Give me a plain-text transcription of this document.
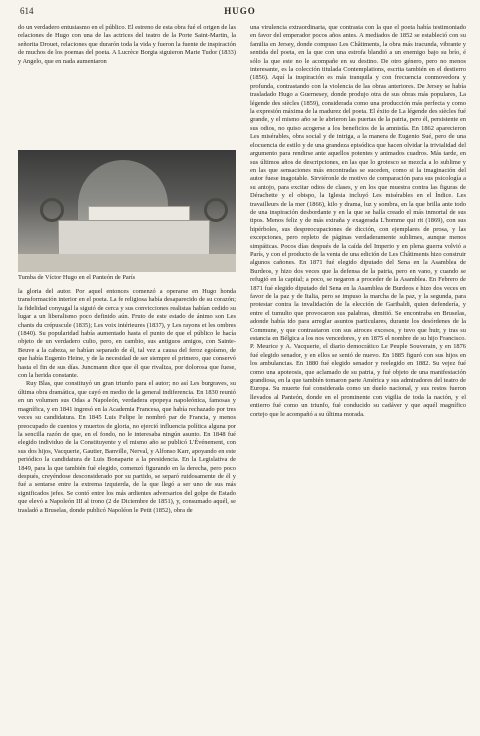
614	HUGO

do un verdadero entusiasmo en el público. El estreno de esta obra fué el origen de las relaciones de Hugo con una de las actrices del teatro de la Porte Saint-Martin, la señorita Drouet, relaciones que durarón toda la vida y fueron la fuente de inspiración de muchos de los poemas del poeta. A Lucrèce Borgia siguieron Marie Tudor (1833) y Angelo, que en nada aumentaron

Tumba de Víctor Hugo en el Panteón de París

la gloria del autor. Por aquel entonces comenzó a operarse en Hugo honda transformación interior en el poeta. La fe religiosa había desaparecido de su corazón; la fidelidad conyugal la siguió de cerca y sus convicciones realistas habían cedido su lugar a un liberalismo poco definido aún. Fruto de este estado de ánimo son Les chants du crépuscule (1835); Les voix intérieures (1837), y Les rayons et les ombres (1840). Su popularidad había aumentado hasta el punto de que el público le hacía objeto de un verdadero culto, pero, en cambio, sus antiguos amigos, con Sainte-Beuve a la cabeza, se habían separado de él, tal vez a causa del feroz egoísmo, de que había Eugenio Heine, y de la necesidad de ser siempre el primero, que conservó hasta el fin de sus días. Juncmann dice que él que rivaliza, por dolorosa que fuese, con la herida constante.

Ruy Blas, que constituyó un gran triunfo para el autor; no así Les burgraves, su última obra dramática, que cayó en medio de la general indiferencia. En 1830 reunió en un volumen sus Odas a Napoleón, verdadera epopeya napoleónica, famosas y magnífica, y en 1841 ingresó en la Academia Francesa, que había rechazado por tres veces su candidatura. En 1845 Luis Felipe le nombró par de Francia, y menos preocupado de cuentos y muertos de gloria, no ejerció influencia política alguna por la sencilla razón de que, en el fondo, no le interesaba ningún asunto. En 1848 fué elegido individuo de la Constituyente y el mismo año se publicó L'Événement, con sus dos hijos, Vacquerie, Gautier, Banville, Nerval, y Alfonso Karr, apoyando en este periódico la candidatura de Luis Bonaparte a la presidencia. En la Legislativa de 1849, para la que también fué elegido, comenzó figurando en la derecha, pero poco después, creyéndose desconsiderado por su partido, se separó ruidosamente de él y fué a sentarse entre la extrema izquierda, de la que llegó a ser uno de sus más significados jefes. Se contó entre los más ardientes adversarios del golpe de Estado que elevó a Napoleón III al trono (2 de Diciembre de 1851), y, consumado aquél, se trasladó a Bruselas, donde publicó Napoléon le Petit (1852), obra de

una virulencia extraordinaria, que contrasta con la que el poeta había testimoniado en favor del emperador pocos años antes. A mediados de 1852 se estableció con su familia en Jersey, donde compuso Les Châtiments, la obra más iracunda, vibrante y sentida del poeta, en la que con una estrofa blandió a un enemigo bajo su brío, é sólo la que este no le acompañe en su destino. De otro género, pero no menos interesante, es la colección titulada Contemplations, escrita también en el destierro (1856). Aquí la inspiración es más tranquila y con frecuencia conmovedora y profunda, contrastando con la violencia de las obras anteriores. De Jersey se había trasladado Hugo a Guernesey, donde produjo otra de sus obras más populares, La légende des siècles (1859), considerada como una producción más perfecta y como la expresión máxima de la madurez del poeta. El éxito de La légende des siècles fué grande, y el mismo año se le abrieron las puertas de la patria, pero él, persistente en sus odios, no quiso acogerse a los beneficios de la amnistía. En 1862 aparecieron Les misérables, obra social y de intriga, a la manera de Eugenio Sué, pero de una elocuencia de estilo y de una grandeza episódica que hacen olvidar la trivialidad del argumento para rendirse ante aquellos potentes y animados cuadros. Más tarde, en sus últimos años de descripciones, en las que lo grotesco se mezcla a lo sublime y en las que sensaciones más encontradas se suceden, como si la imaginación del autor fuese inagotable. Sirviéronle de motivo de comparación para sus psicología a su antojo, para excitar odios de clases, y en los que muestra contra las figuras de Dérachette y el obispo, la Iglesia incluyó Les misérables en el Índice. Les travailleurs de la mer (1866), kilo y drama, luz y sombra, en la que brilla ante todo de una inspiración desbordante y en la que se halla creado el más inmortal de sus tipos. Menos feliz y de más extraña y exagerada L'homme qui rit (1869), con sus hipérboles, sus despreocupaciones de dicción, con ejemplares de prosa, y las excepciones, pero repleto de páginas verdaderamente sublimes, aunque menos simpáticas. Pocos días después de la caída del Imperio y en plena guerra volvió a París, y con el producto de la venta de una edición de Les Châtiments hizo construir algunos cañones. En 1871 fué elegido diputado del Sena en la Asamblea de Burdeos, y hizo dos veces que la defensa de la patria, pero en vano, y cuando se refugió en la capital; a poco, se negaron a proceder de la Asamblea. En Febrero de 1871 fué elegido diputado del Sena en la Asamblea de Burdeos e hizo dos veces en favor de la paz y de Italia, pero se impuso la marcha de la paz, y la segunda, para protestar contra la invalidación de la elección de Garibaldi, quien defendería, y entre el tumulto que provocaron sus palabras, dimitió. Se encontraba en Bruselas, adonde había ido para arreglar asuntos particulares, durante los desórdenes de la Commune, y que contrastaron con sus atroces excesos, y tuvo que huir, y tras su estancia en Bélgica a los nos vencedores, y en 1875 el nombre de su hijo Francisco. P. Meurice y A. Vacquerie, el diario democrático Le Peuple Souverain, y en 1876 fué elegido senador, y en ellos se sentó de nuevo. En 1885 figuró con sus hijos en los ambulancias. En 1880 fué elegido senador y reelegido en 1882. Su vejez fué como una apoteosis, que aclamado de su patria, y fué objeto de una manifestación grandiosa, en la que también tomaron parte América y sus admiradores del teatro de Europa. Su muerte fué considerada como un duelo nacional, y sus restos fueron llevados al Panteón, donde en el prominente con vigilia de toda la nación, y el entierro fué como un triunfo, fué conducido su cadáver y que aquél magnífico cortejo que le acompañó a su última morada.
